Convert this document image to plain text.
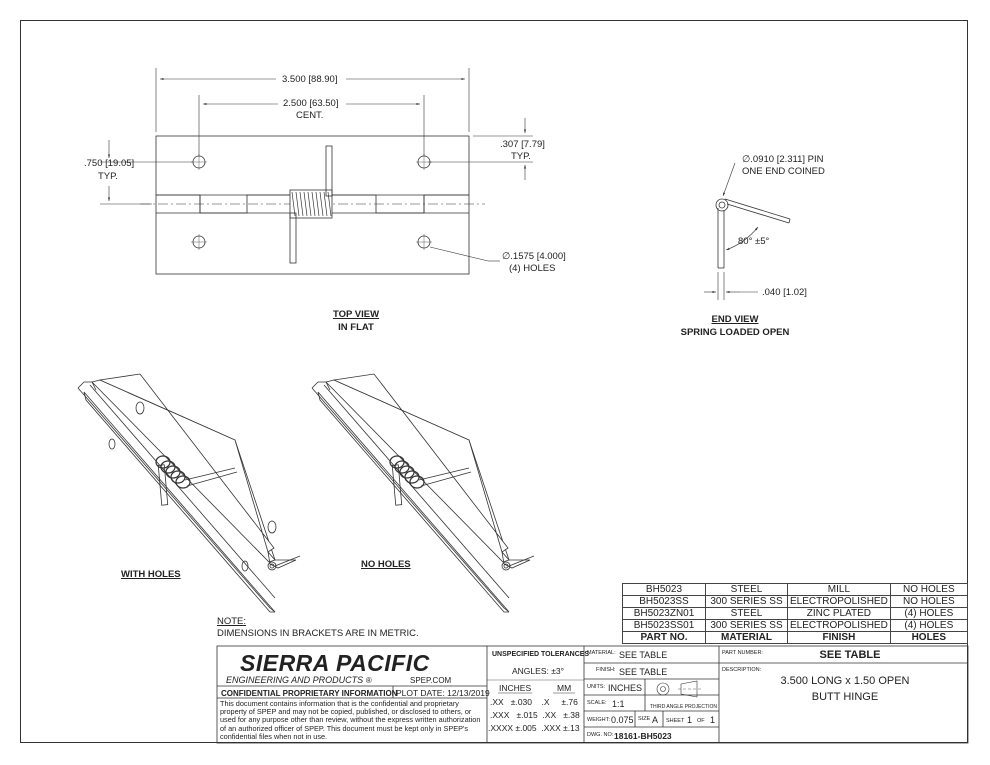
3.500 [88.90]
2.500 [63.50]
CENT.
.307 [7.79]
TYP.
.750 [19.05]
TYP.
∅.1575 [4.000]
(4) HOLES
TOP VIEW
IN FLAT
∅.0910 [2.311] PIN
ONE END COINED
80° ±5°
.040 [1.02]
END VIEW
SPRING LOADED OPEN
WITH HOLES
NO HOLES
NOTE:
DIMENSIONS IN BRACKETS ARE IN METRIC.
BH5023	STEEL	MILL	NO HOLES
BH5023SS	300 SERIES SS	ELECTROPOLISHED	NO HOLES
BH5023ZN01	STEEL	ZINC PLATED	(4) HOLES
BH5023SS01	300 SERIES SS	ELECTROPOLISHED	(4) HOLES
PART NO.	MATERIAL	FINISH	HOLES
SIERRA PACIFIC
ENGINEERING AND PRODUCTS ®	SPEP.COM
CONFIDENTIAL PROPRIETARY INFORMATION
PLOT DATE: 12/13/2019
This document contains information that is the confidential and proprietary property of SPEP and may not be copied, published, or disclosed to others, or used for any purpose other than review, without the express written authorization of an authorized officer of SPEP. This document must be kept only in SPEP's confidential files when not in use.
UNSPECIFIED TOLERANCES
ANGLES: ±3°
INCHES	MM
.XX ±.030 .X ±.76
.XXX ±.015 .XX ±.38
.XXXX ±.005 .XXX ±.13
MATERIAL: SEE TABLE
FINISH: SEE TABLE
UNITS: INCHES
THIRD ANGLE PROJECTION
SCALE: 1:1
WEIGHT: 0.075 SIZE A SHEET 1 OF 1
DWG. NO: 18161-BH5023
PART NUMBER:	SEE TABLE
DESCRIPTION:
3.500 LONG x 1.50 OPEN
BUTT HINGE
